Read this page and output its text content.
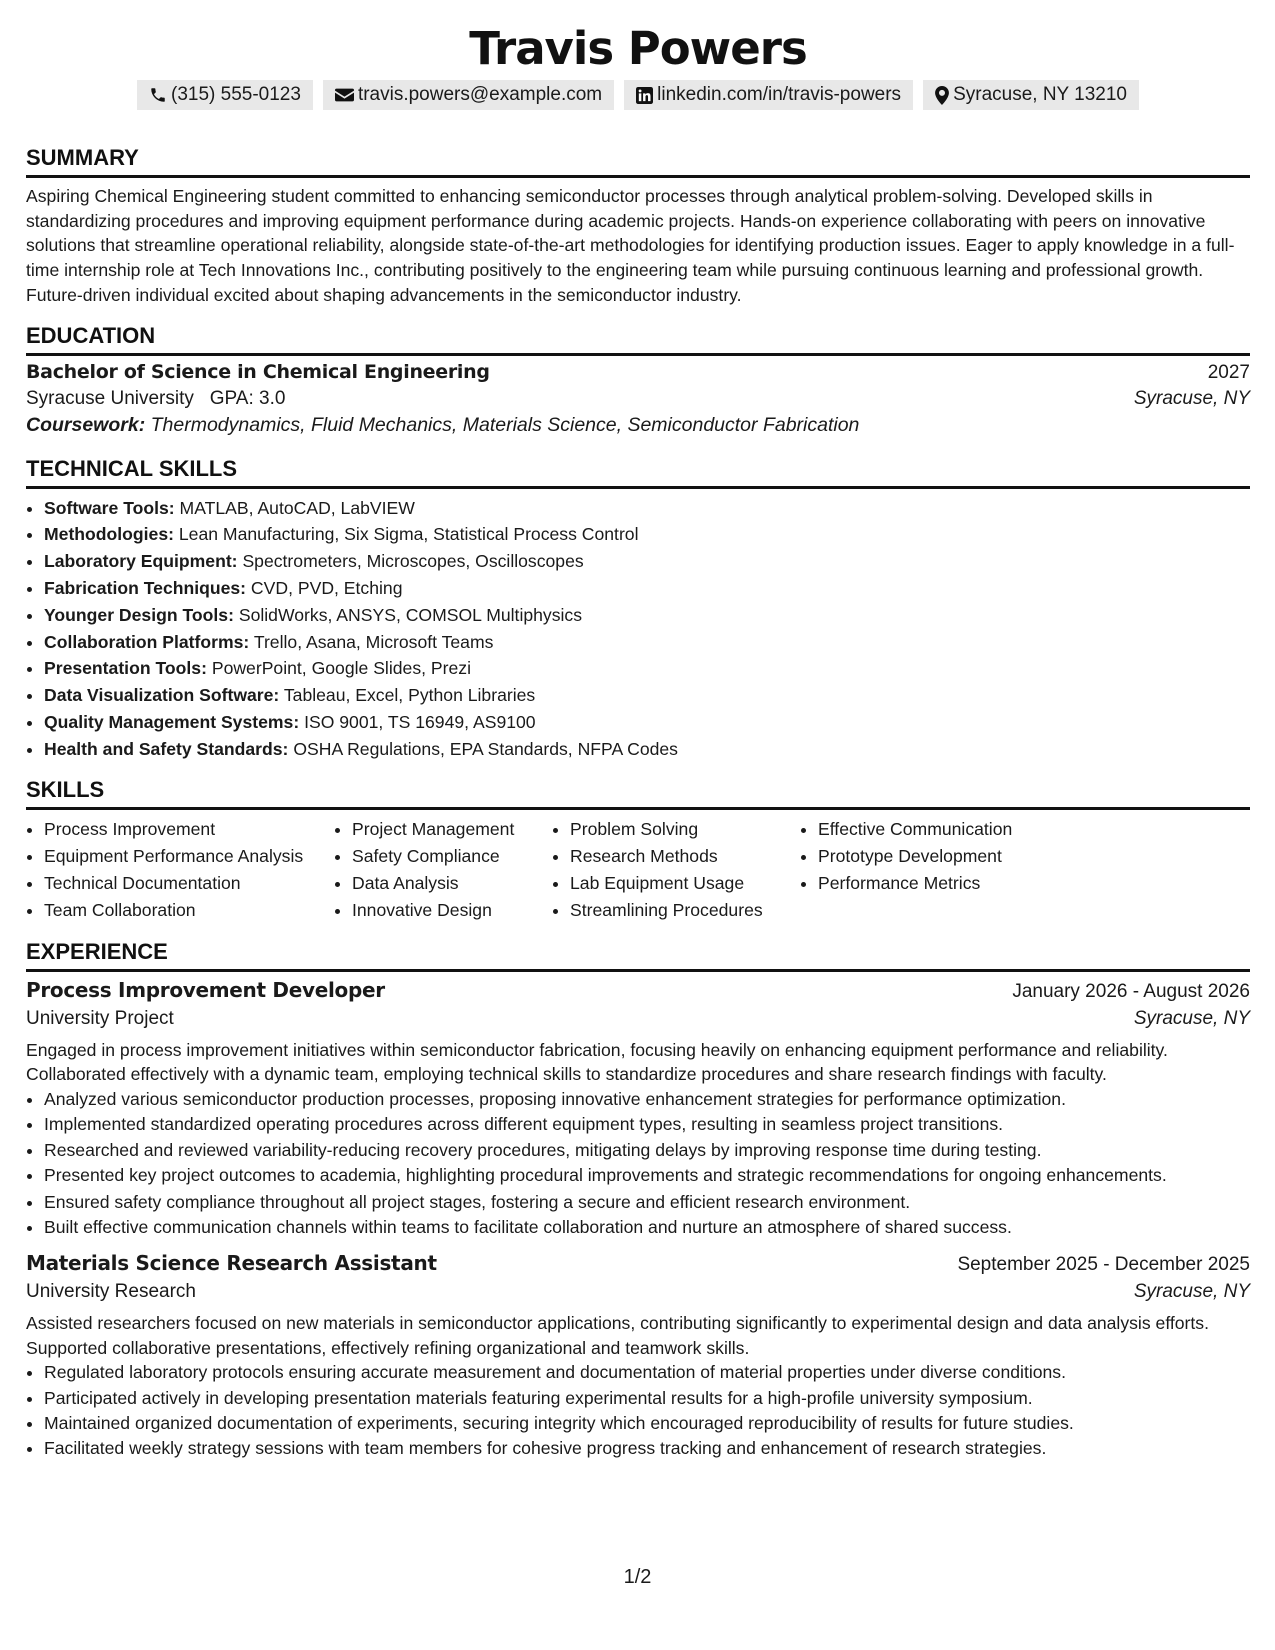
Travis Powers
(315) 555-0123	travis.powers@example.com	linkedin.com/in/travis-powers	Syracuse, NY 13210
SUMMARY
Aspiring Chemical Engineering student committed to enhancing semiconductor processes through analytical problem-solving. Developed skills in standardizing procedures and improving equipment performance during academic projects. Hands-on experience collaborating with peers on innovative solutions that streamline operational reliability, alongside state-of-the-art methodologies for identifying production issues. Eager to apply knowledge in a full-time internship role at Tech Innovations Inc., contributing positively to the engineering team while pursuing continuous learning and professional growth. Future-driven individual excited about shaping advancements in the semiconductor industry.
EDUCATION
Bachelor of Science in Chemical Engineering	2027
Syracuse University GPA: 3.0	Syracuse, NY
Coursework: Thermodynamics, Fluid Mechanics, Materials Science, Semiconductor Fabrication
TECHNICAL SKILLS
• Software Tools: MATLAB, AutoCAD, LabVIEW
• Methodologies: Lean Manufacturing, Six Sigma, Statistical Process Control
• Laboratory Equipment: Spectrometers, Microscopes, Oscilloscopes
• Fabrication Techniques: CVD, PVD, Etching
• Younger Design Tools: SolidWorks, ANSYS, COMSOL Multiphysics
• Collaboration Platforms: Trello, Asana, Microsoft Teams
• Presentation Tools: PowerPoint, Google Slides, Prezi
• Data Visualization Software: Tableau, Excel, Python Libraries
• Quality Management Systems: ISO 9001, TS 16949, AS9100
• Health and Safety Standards: OSHA Regulations, EPA Standards, NFPA Codes
SKILLS
• Process Improvement
• Equipment Performance Analysis
• Technical Documentation
• Team Collaboration
• Project Management
• Safety Compliance
• Data Analysis
• Innovative Design
• Problem Solving
• Research Methods
• Lab Equipment Usage
• Streamlining Procedures
• Effective Communication
• Prototype Development
• Performance Metrics
EXPERIENCE
Process Improvement Developer	January 2026 - August 2026
University Project	Syracuse, NY
Engaged in process improvement initiatives within semiconductor fabrication, focusing heavily on enhancing equipment performance and reliability. Collaborated effectively with a dynamic team, employing technical skills to standardize procedures and share research findings with faculty.
• Analyzed various semiconductor production processes, proposing innovative enhancement strategies for performance optimization.
• Implemented standardized operating procedures across different equipment types, resulting in seamless project transitions.
• Researched and reviewed variability-reducing recovery procedures, mitigating delays by improving response time during testing.
• Presented key project outcomes to academia, highlighting procedural improvements and strategic recommendations for ongoing enhancements.
• Ensured safety compliance throughout all project stages, fostering a secure and efficient research environment.
• Built effective communication channels within teams to facilitate collaboration and nurture an atmosphere of shared success.
Materials Science Research Assistant	September 2025 - December 2025
University Research	Syracuse, NY
Assisted researchers focused on new materials in semiconductor applications, contributing significantly to experimental design and data analysis efforts. Supported collaborative presentations, effectively refining organizational and teamwork skills.
• Regulated laboratory protocols ensuring accurate measurement and documentation of material properties under diverse conditions.
• Participated actively in developing presentation materials featuring experimental results for a high-profile university symposium.
• Maintained organized documentation of experiments, securing integrity which encouraged reproducibility of results for future studies.
• Facilitated weekly strategy sessions with team members for cohesive progress tracking and enhancement of research strategies.
1/2
